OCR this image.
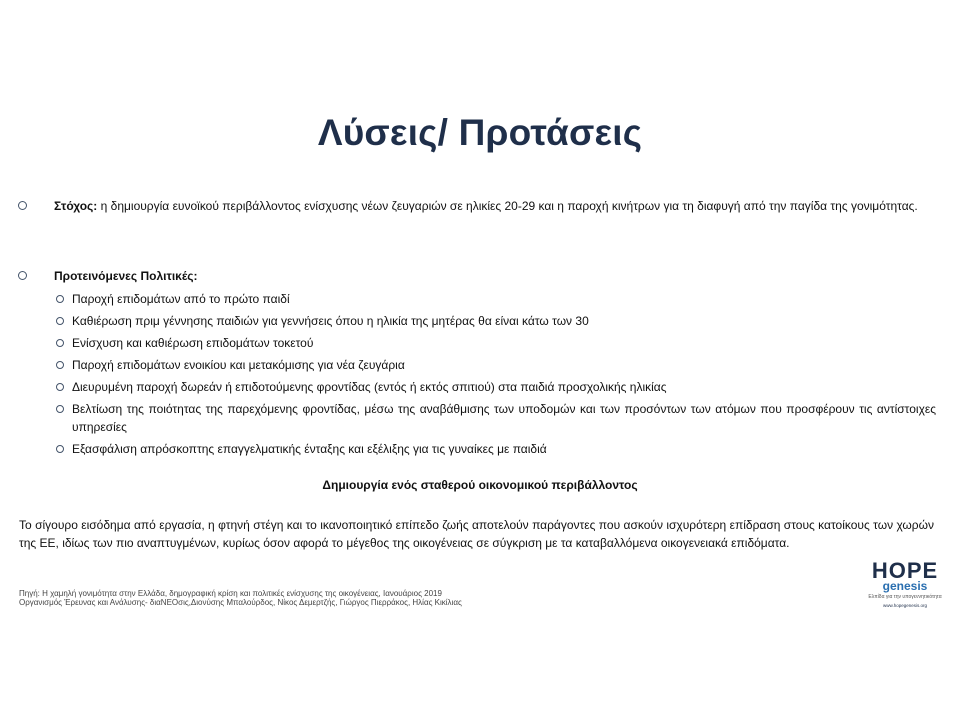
Λύσεις/ Προτάσεις
Στόχος: η δημιουργία ευνοϊκού περιβάλλοντος ενίσχυσης νέων ζευγαριών σε ηλικίες 20-29 και η παροχή κινήτρων για τη διαφυγή από την παγίδα της γονιμότητας.
Προτεινόμενες Πολιτικές:
Παροχή επιδομάτων από το πρώτο παιδί
Καθιέρωση πριμ γέννησης παιδιών για γεννήσεις όπου η ηλικία της μητέρας θα είναι κάτω των 30
Ενίσχυση και καθιέρωση επιδομάτων τοκετού
Παροχή επιδομάτων ενοικίου και μετακόμισης για νέα ζευγάρια
Διευρυμένη παροχή δωρεάν ή επιδοτούμενης φροντίδας (εντός ή εκτός σπιτιού) στα παιδιά προσχολικής ηλικίας
Βελτίωση της ποιότητας της παρεχόμενης φροντίδας, μέσω της αναβάθμισης των υποδομών και των προσόντων των ατόμων που προσφέρουν τις αντίστοιχες υπηρεσίες
Εξασφάλιση απρόσκοπτης επαγγελματικής ένταξης και εξέλιξης για τις γυναίκες με παιδιά
Δημιουργία ενός σταθερού οικονομικού περιβάλλοντος
Το σίγουρο εισόδημα από εργασία, η φτηνή στέγη και το ικανοποιητικό επίπεδο ζωής αποτελούν παράγοντες που ασκούν ισχυρότερη επίδραση στους κατοίκους των χωρών της ΕΕ, ιδίως των πιο αναπτυγμένων, κυρίως όσον αφορά το μέγεθος της οικογένειας σε σύγκριση με τα καταβαλλόμενα οικογενειακά επιδόματα.
Πηγή: Η χαμηλή γονιμότητα στην Ελλάδα, δημογραφική κρίση και πολιτικές ενίσχυσης της οικογένειας, Ιανουάριος 2019
Οργανισμός Έρευνας και Ανάλυσης- διαΝΕΟσις,Διονύσης Μπαλούρδος, Νίκος Δεμερτζής, Γιώργος Πιερράκος, Ηλίας Κικίλιας
HOPE
genesis
Ελπίδα για την υπογεννητικότητα
www.hopegenesis.org
